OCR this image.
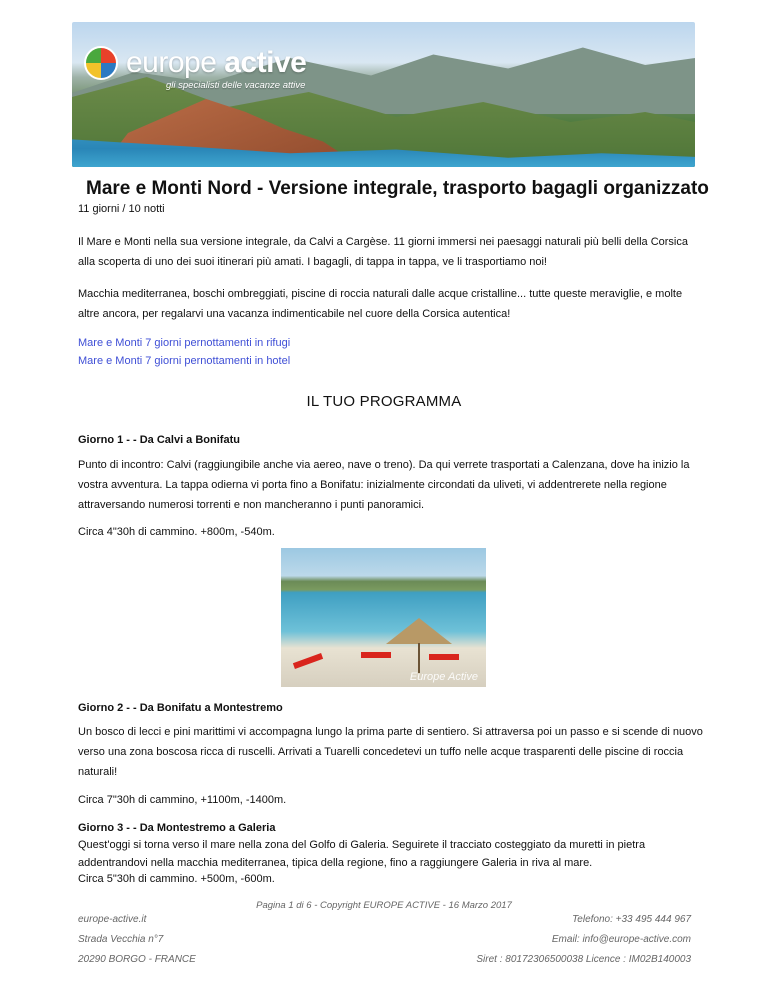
europe active
gli specialisti delle vacanze attive
Mare e Monti Nord - Versione integrale, trasporto bagagli organizzato
11 giorni / 10 notti
Il Mare e Monti nella sua versione integrale, da Calvi a Cargèse. 11 giorni immersi nei paesaggi naturali più belli della Corsica alla scoperta di uno dei suoi itinerari più amati. I bagagli, di tappa in tappa, ve li trasportiamo noi!
Macchia mediterranea, boschi ombreggiati, piscine di roccia naturali dalle acque cristalline... tutte queste meraviglie, e molte altre ancora, per regalarvi una vacanza indimenticabile nel cuore della Corsica autentica!
Mare e Monti 7 giorni pernottamenti in rifugi
Mare e Monti 7 giorni pernottamenti in hotel
IL TUO PROGRAMMA
Giorno 1 - - Da Calvi a Bonifatu
Punto di incontro: Calvi (raggiungibile anche via aereo, nave o treno). Da qui verrete trasportati a Calenzana, dove ha inizio la vostra avventura. La tappa odierna vi porta fino a Bonifatu: inizialmente circondati da uliveti, vi addentrerete nella regione attraversando numerosi torrenti e non mancheranno i punti panoramici.
Circa 4"30h di cammino. +800m, -540m.
Europe Active
Giorno 2 - - Da Bonifatu a Montestremo
Un bosco di lecci e pini marittimi vi accompagna lungo la prima parte di sentiero. Si attraversa poi un passo e si scende di nuovo verso una zona boscosa ricca di ruscelli. Arrivati a Tuarelli concedetevi un tuffo nelle acque trasparenti delle piscine di roccia naturali!
Circa 7"30h di cammino, +1100m, -1400m.
Giorno 3 - - Da Montestremo a Galeria
Quest'oggi si torna verso il mare nella zona del Golfo di Galeria. Seguirete il tracciato costeggiato da muretti in pietra addentrandovi nella macchia mediterranea, tipica della regione, fino a raggiungere Galeria in riva al mare.
Circa 5"30h di cammino. +500m, -600m.
Pagina 1 di 6 - Copyright EUROPE ACTIVE - 16 Marzo 2017
europe-active.it
Strada Vecchia n°7
20290 BORGO - FRANCE
Telefono: +33 495 444 967
Email: info@europe-active.com
Siret : 80172306500038 Licence : IM02B140003
